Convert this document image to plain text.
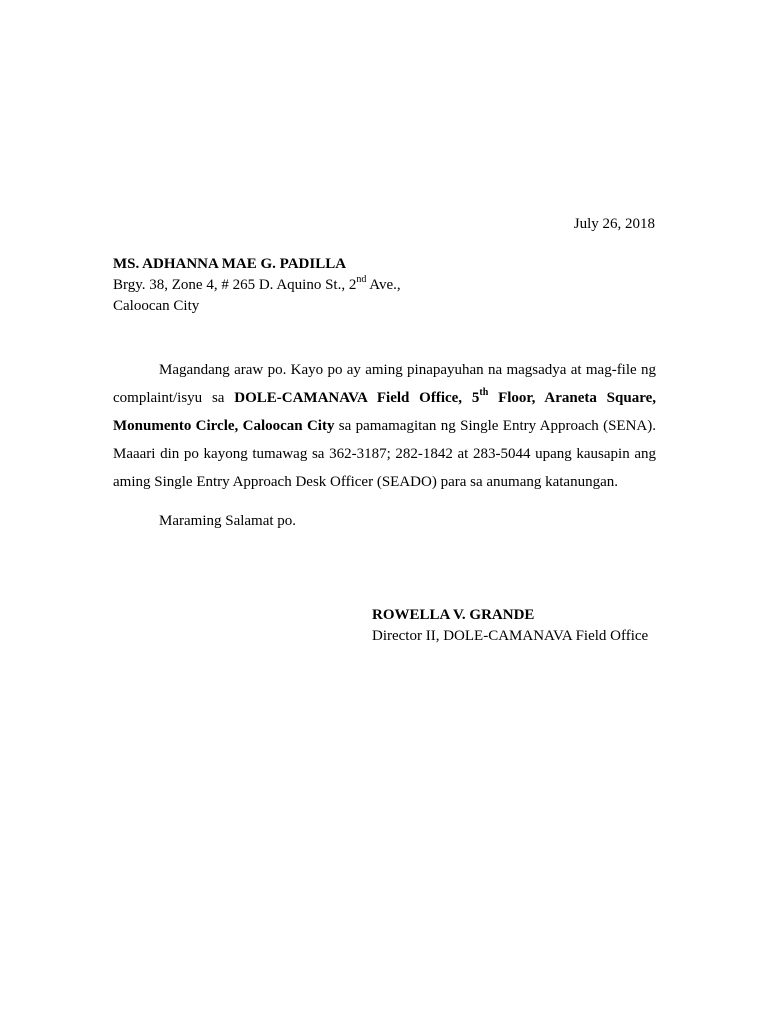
July 26, 2018
MS. ADHANNA MAE G. PADILLA
Brgy. 38, Zone 4, # 265 D. Aquino St., 2nd Ave.,
Caloocan City

Magandang araw po. Kayo po ay aming pinapayuhan na magsadya at mag-file ng complaint/isyu sa DOLE-CAMANAVA Field Office, 5th Floor, Araneta Square, Monumento Circle, Caloocan City sa pamamagitan ng Single Entry Approach (SENA). Maaari din po kayong tumawag sa 362-3187; 282-1842 at 283-5044 upang kausapin ang aming Single Entry Approach Desk Officer (SEADO) para sa anumang katanungan.

Maraming Salamat po.

ROWELLA V. GRANDE
Director II, DOLE-CAMANAVA Field Office
